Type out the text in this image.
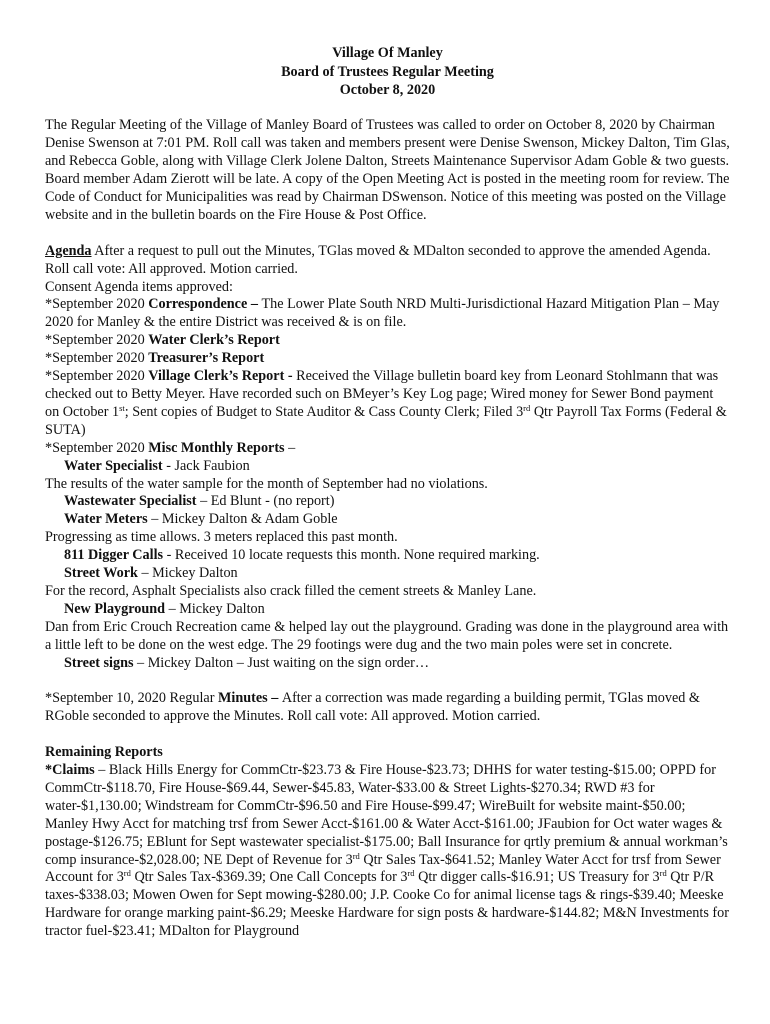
Village Of Manley
Board of Trustees Regular Meeting
October 8, 2020

The Regular Meeting of the Village of Manley Board of Trustees was called to order on October 8, 2020 by Chairman Denise Swenson at 7:01 PM. Roll call was taken and members present were Denise Swenson, Mickey Dalton, Tim Glas, and Rebecca Goble, along with Village Clerk Jolene Dalton, Streets Maintenance Supervisor Adam Goble & two guests. Board member Adam Zierott will be late. A copy of the Open Meeting Act is posted in the meeting room for review. The Code of Conduct for Municipalities was read by Chairman DSwenson. Notice of this meeting was posted on the Village website and in the bulletin boards on the Fire House & Post Office.

Agenda After a request to pull out the Minutes, TGlas moved & MDalton seconded to approve the amended Agenda. Roll call vote: All approved. Motion carried.

Consent Agenda items approved:

*September 2020 Correspondence – The Lower Plate South NRD Multi-Jurisdictional Hazard Mitigation Plan – May 2020 for Manley & the entire District was received & is on file.

*September 2020 Water Clerk’s Report

*September 2020 Treasurer’s Report

*September 2020 Village Clerk’s Report - Received the Village bulletin board key from Leonard Stohlmann that was checked out to Betty Meyer. Have recorded such on BMeyer’s Key Log page; Wired money for Sewer Bond payment on October 1st; Sent copies of Budget to State Auditor & Cass County Clerk; Filed 3rd Qtr Payroll Tax Forms (Federal & SUTA)

*September 2020 Misc Monthly Reports –

Water Specialist - Jack Faubion

The results of the water sample for the month of September had no violations.

Wastewater Specialist – Ed Blunt - (no report)

Water Meters – Mickey Dalton & Adam Goble

Progressing as time allows. 3 meters replaced this past month.

811 Digger Calls - Received 10 locate requests this month. None required marking.

Street Work – Mickey Dalton

For the record, Asphalt Specialists also crack filled the cement streets & Manley Lane.

New Playground – Mickey Dalton

Dan from Eric Crouch Recreation came & helped lay out the playground. Grading was done in the playground area with a little left to be done on the west edge. The 29 footings were dug and the two main poles were set in concrete.

Street signs – Mickey Dalton – Just waiting on the sign order…

*September 10, 2020 Regular Minutes – After a correction was made regarding a building permit, TGlas moved & RGoble seconded to approve the Minutes. Roll call vote: All approved. Motion carried.

Remaining Reports

*Claims – Black Hills Energy for CommCtr-$23.73 & Fire House-$23.73; DHHS for water testing-$15.00; OPPD for CommCtr-$118.70, Fire House-$69.44, Sewer-$45.83, Water-$33.00 & Street Lights-$270.34; RWD #3 for water-$1,130.00; Windstream for CommCtr-$96.50 and Fire House-$99.47; WireBuilt for website maint-$50.00; Manley Hwy Acct for matching trsf from Sewer Acct-$161.00 & Water Acct-$161.00; JFaubion for Oct water wages & postage-$126.75; EBlunt for Sept wastewater specialist-$175.00; Ball Insurance for qrtly premium & annual workman’s comp insurance-$2,028.00; NE Dept of Revenue for 3rd Qtr Sales Tax-$641.52; Manley Water Acct for trsf from Sewer Account for 3rd Qtr Sales Tax-$369.39; One Call Concepts for 3rd Qtr digger calls-$16.91; US Treasury for 3rd Qtr P/R taxes-$338.03; Mowen Owen for Sept mowing-$280.00; J.P. Cooke Co for animal license tags & rings-$39.40; Meeske Hardware for orange marking paint-$6.29; Meeske Hardware for sign posts & hardware-$144.82; M&N Investments for tractor fuel-$23.41; MDalton for Playground
